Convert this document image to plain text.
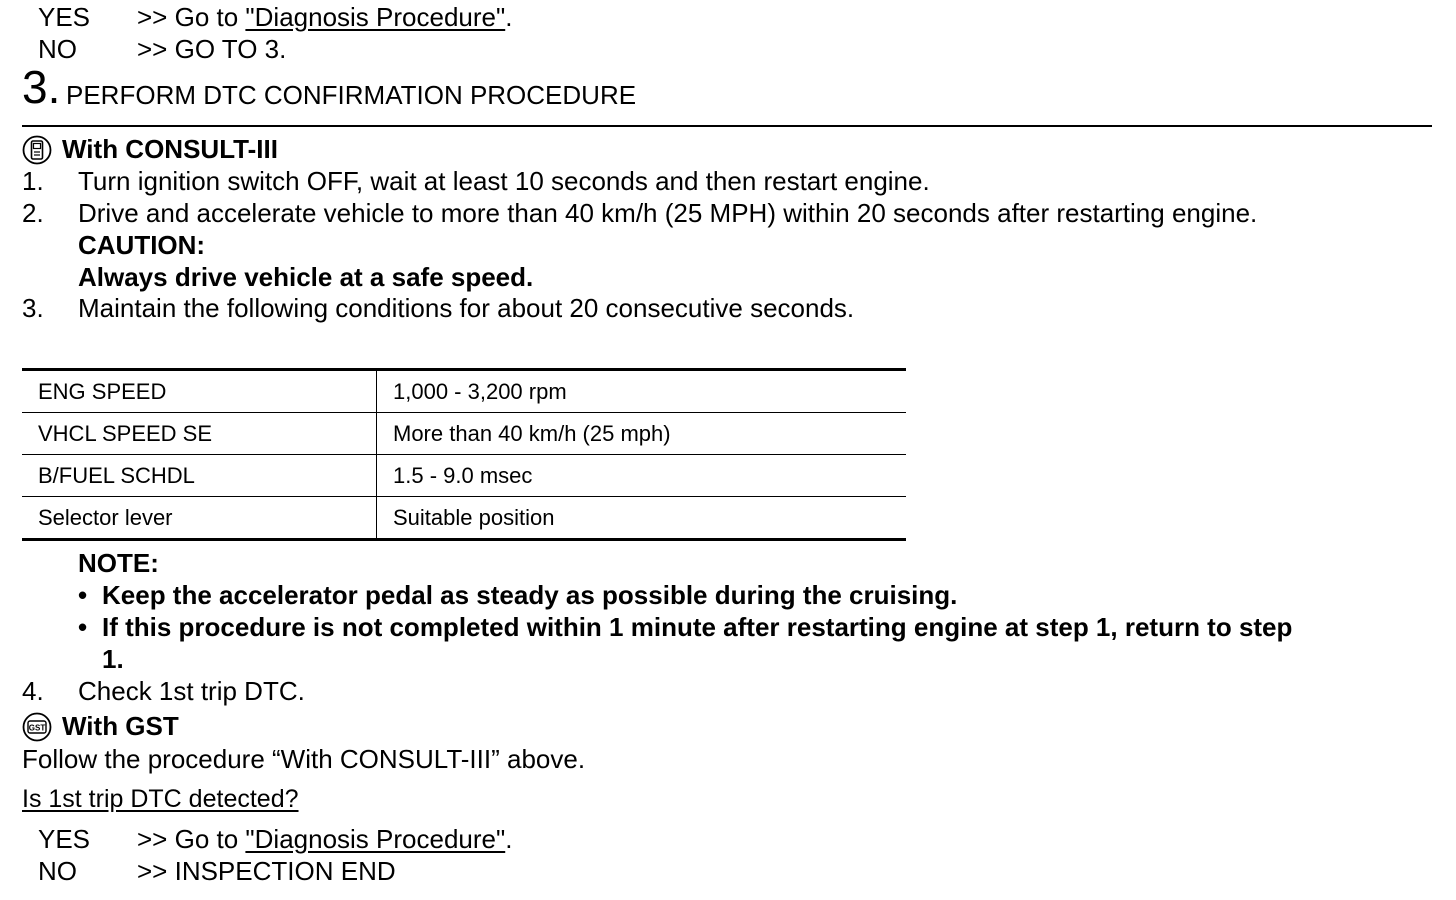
YES >> Go to "Diagnosis Procedure".
NO >> GO TO 3.
3. PERFORM DTC CONFIRMATION PROCEDURE
With CONSULT-III
1. Turn ignition switch OFF, wait at least 10 seconds and then restart engine.
2. Drive and accelerate vehicle to more than 40 km/h (25 MPH) within 20 seconds after restarting engine.
CAUTION:
Always drive vehicle at a safe speed.
3. Maintain the following conditions for about 20 consecutive seconds.
ENG SPEED	1,000 - 3,200 rpm
VHCL SPEED SE	More than 40 km/h (25 mph)
B/FUEL SCHDL	1.5 - 9.0 msec
Selector lever	Suitable position
NOTE:
• Keep the accelerator pedal as steady as possible during the cruising.
• If this procedure is not completed within 1 minute after restarting engine at step 1, return to step
1.
4. Check 1st trip DTC.
GST With GST
Follow the procedure “With CONSULT-III” above.
Is 1st trip DTC detected?
YES >> Go to "Diagnosis Procedure".
NO >> INSPECTION END
